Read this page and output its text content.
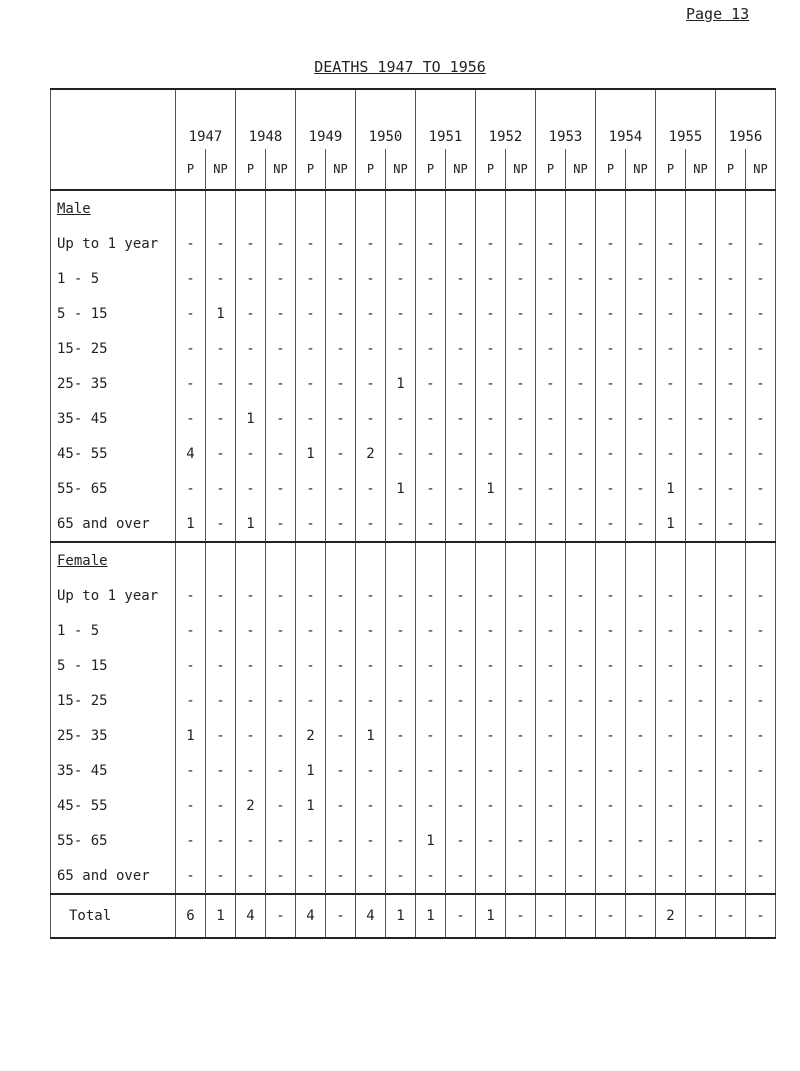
Page 13
DEATHS 1947 TO 1956
	1947		1948		1949		1950		1951		1952		1953		1954		1955		1956	
	P	NP	P	NP	P	NP	P	NP	P	NP	P	NP	P	NP	P	NP	P	NP	P	NP
Male																				
Up to 1 year	-	-	-	-	-	-	-	-	-	-	-	-	-	-	-	-	-	-	-	-
1 - 5	-	-	-	-	-	-	-	-	-	-	-	-	-	-	-	-	-	-	-	-
5 - 15	-	1	-	-	-	-	-	-	-	-	-	-	-	-	-	-	-	-	-	-
15- 25	-	-	-	-	-	-	-	-	-	-	-	-	-	-	-	-	-	-	-	-
25- 35	-	-	-	-	-	-	-	1	-	-	-	-	-	-	-	-	-	-	-	-
35- 45	-	-	1	-	-	-	-	-	-	-	-	-	-	-	-	-	-	-	-	-
45- 55	4	-	-	-	1	-	2	-	-	-	-	-	-	-	-	-	-	-	-	-
55- 65	-	-	-	-	-	-	-	1	-	-	1	-	-	-	-	-	1	-	-	-
65 and over	1	-	1	-	-	-	-	-	-	-	-	-	-	-	-	-	1	-	-	-
Female																				
Up to 1 year	-	-	-	-	-	-	-	-	-	-	-	-	-	-	-	-	-	-	-	-
1 - 5	-	-	-	-	-	-	-	-	-	-	-	-	-	-	-	-	-	-	-	-
5 - 15	-	-	-	-	-	-	-	-	-	-	-	-	-	-	-	-	-	-	-	-
15- 25	-	-	-	-	-	-	-	-	-	-	-	-	-	-	-	-	-	-	-	-
25- 35	1	-	-	-	2	-	1	-	-	-	-	-	-	-	-	-	-	-	-	-
35- 45	-	-	-	-	1	-	-	-	-	-	-	-	-	-	-	-	-	-	-	-
45- 55	-	-	2	-	1	-	-	-	-	-	-	-	-	-	-	-	-	-	-	-
55- 65	-	-	-	-	-	-	-	-	1	-	-	-	-	-	-	-	-	-	-	-
65 and over	-	-	-	-	-	-	-	-	-	-	-	-	-	-	-	-	-	-	-	-
Total	6	1	4	-	4	-	4	1	1	-	1	-	-	-	-	-	2	-	-	-
